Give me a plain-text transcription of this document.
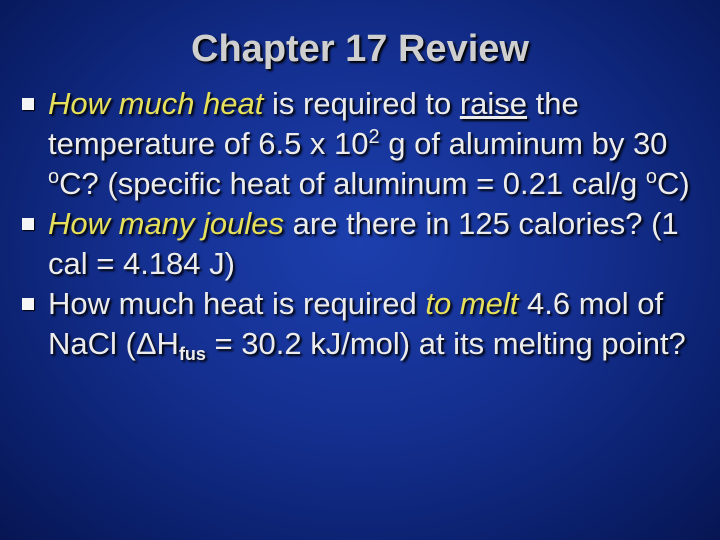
Chapter 17 Review
How much heat is required to raise the temperature of 6.5 x $10^2$ g of aluminum by 30 $^o$C? (specific heat of aluminum = 0.21 cal/g $^o$C)
How many joules are there in 125 calories? (1 cal = 4.184 J)
How much heat is required to melt 4.6 mol of NaCl ($\Delta H_{fus} = 30.2$ kJ/mol) at its melting point?
